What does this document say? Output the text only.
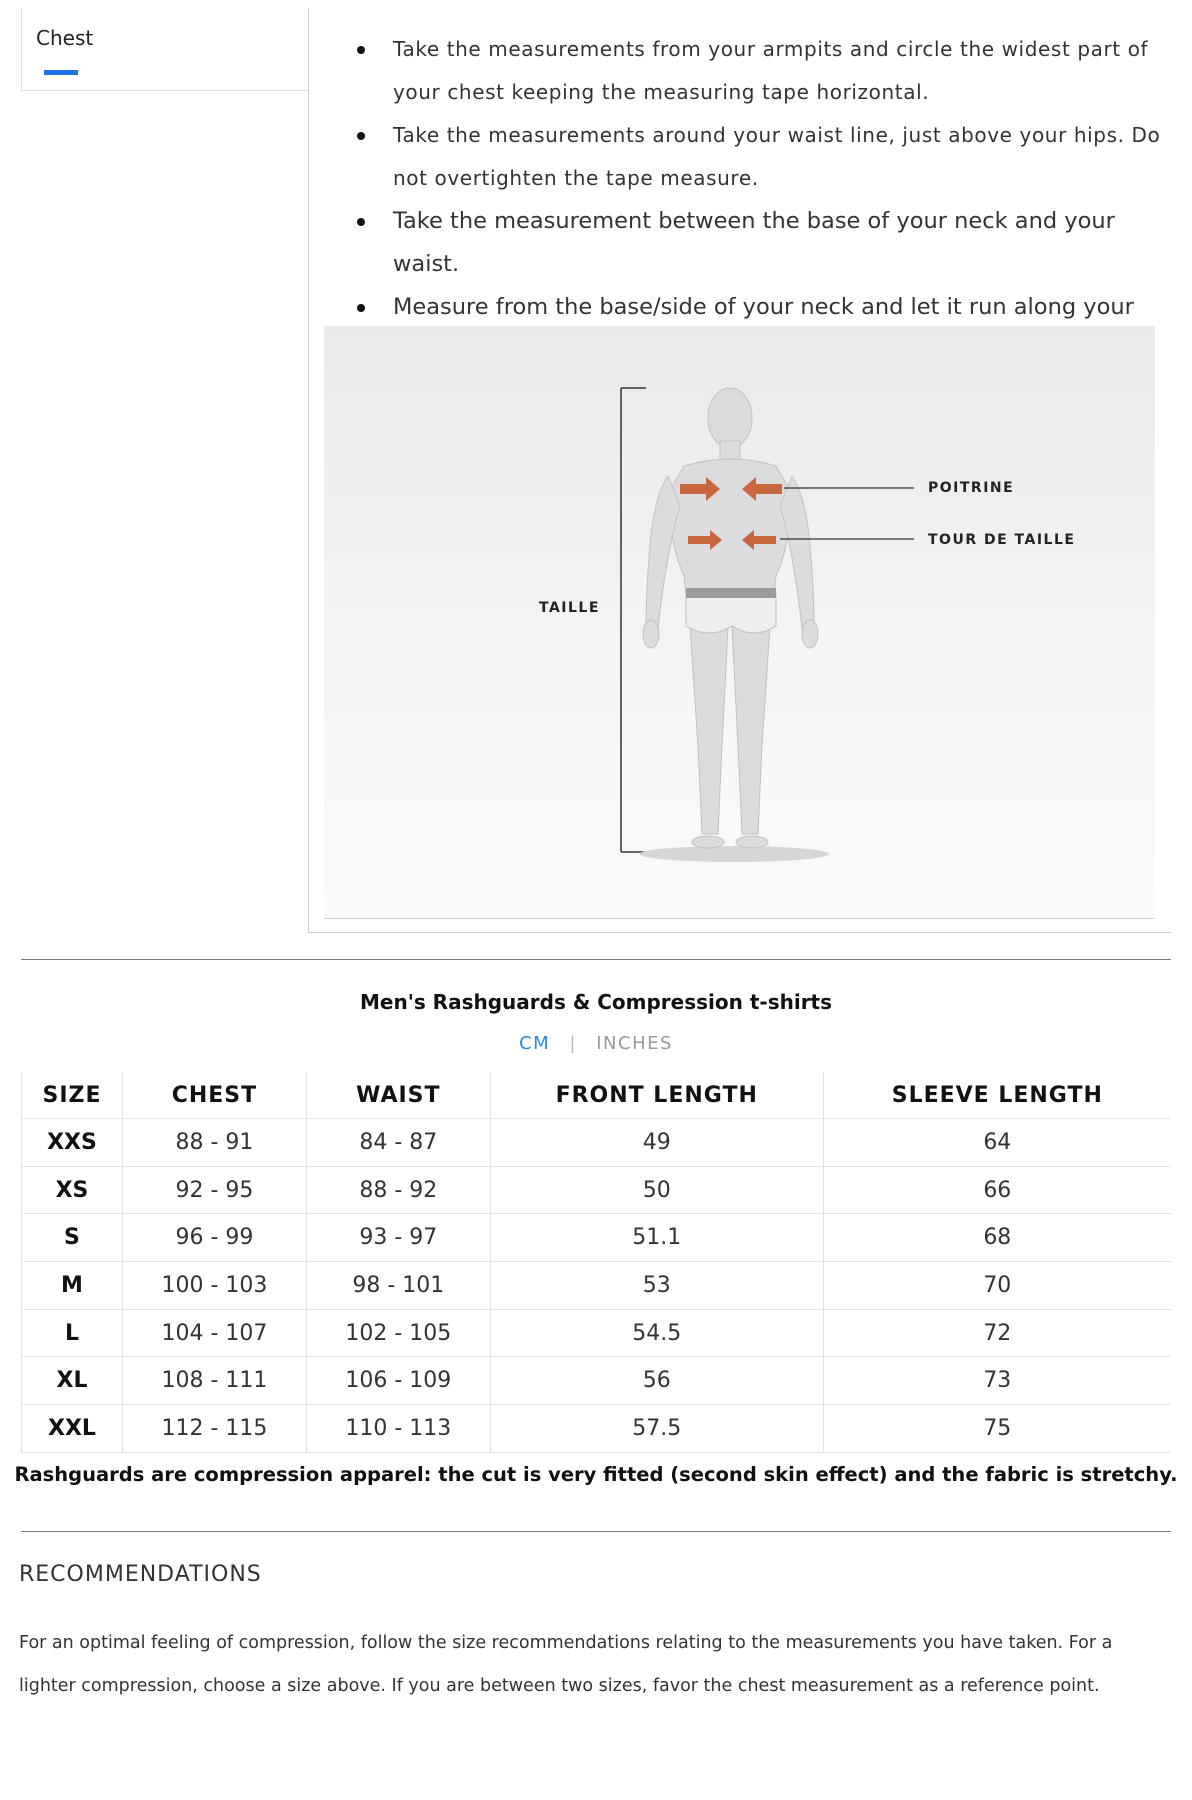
Chest	Take the measurements from your armpits and circle the widest part of your chest keeping the measuring tape horizontal.
Take the measurements around your waist line, just above your hips. Do not overtighten the tape measure.
Take the measurement between the base of your neck and your waist.
Measure from the base/side of your neck and let it run along your
POITRINE
TOUR DE TAILLE
TAILLE
Men's Rashguards & Compression t-shirts
CM | INCHES
SIZE	CHEST	WAIST	FRONT LENGTH	SLEEVE LENGTH
XXS	88 - 91	84 - 87	49	64
XS	92 - 95	88 - 92	50	66
S	96 - 99	93 - 97	51.1	68
M	100 - 103	98 - 101	53	70
L	104 - 107	102 - 105	54.5	72
XL	108 - 111	106 - 109	56	73
XXL	112 - 115	110 - 113	57.5	75
Rashguards are compression apparel: the cut is very fitted (second skin effect) and the fabric is stretchy.
RECOMMENDATIONS
For an optimal feeling of compression, follow the size recommendations relating to the measurements you have taken. For a lighter compression, choose a size above. If you are between two sizes, favor the chest measurement as a reference point.
